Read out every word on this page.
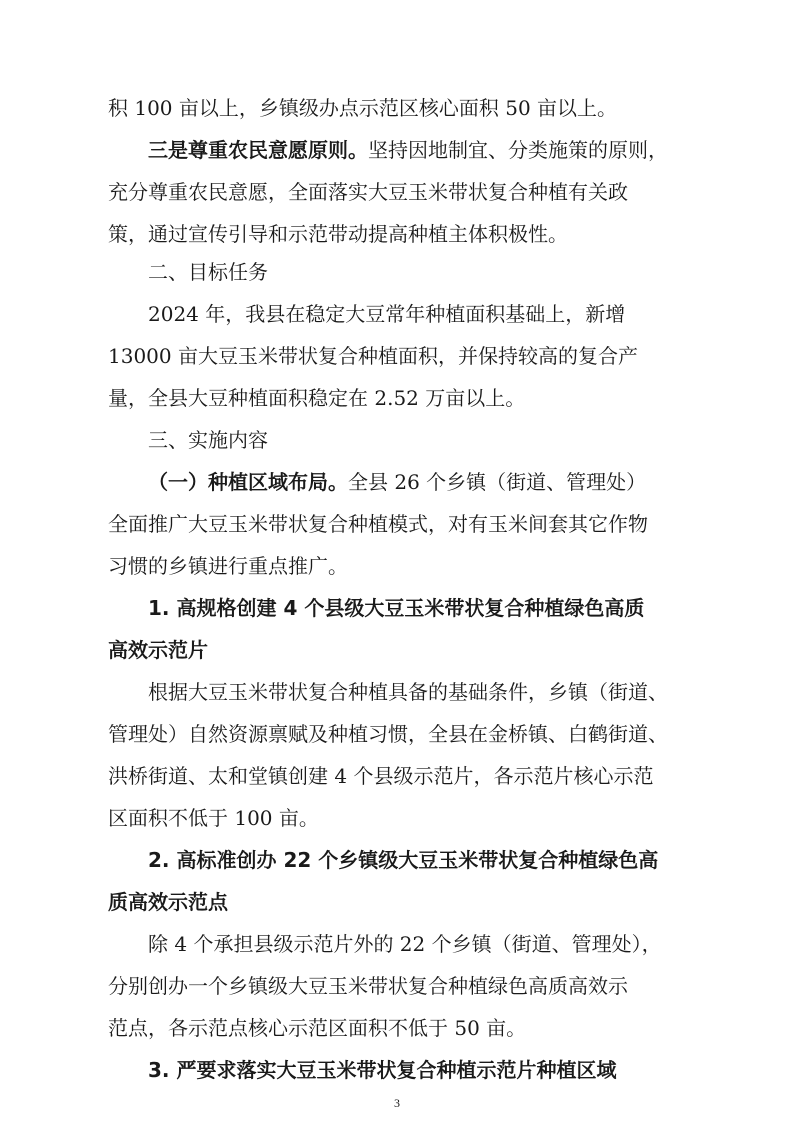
积 100 亩以上，乡镇级办点示范区核心面积 50 亩以上。
三是尊重农民意愿原则。坚持因地制宜、分类施策的原则，
充分尊重农民意愿，全面落实大豆玉米带状复合种植有关政
策，通过宣传引导和示范带动提高种植主体积极性。
二、目标任务
2024 年，我县在稳定大豆常年种植面积基础上，新增
13000 亩大豆玉米带状复合种植面积，并保持较高的复合产
量，全县大豆种植面积稳定在 2.52 万亩以上。
三、实施内容
（一）种植区域布局。全县 26 个乡镇（街道、管理处）
全面推广大豆玉米带状复合种植模式，对有玉米间套其它作物
习惯的乡镇进行重点推广。
1. 高规格创建 4 个县级大豆玉米带状复合种植绿色高质
高效示范片
根据大豆玉米带状复合种植具备的基础条件，乡镇（街道、
管理处）自然资源禀赋及种植习惯，全县在金桥镇、白鹤街道、
洪桥街道、太和堂镇创建 4 个县级示范片，各示范片核心示范
区面积不低于 100 亩。
2. 高标准创办 22 个乡镇级大豆玉米带状复合种植绿色高
质高效示范点
除 4 个承担县级示范片外的 22 个乡镇（街道、管理处），
分别创办一个乡镇级大豆玉米带状复合种植绿色高质高效示
范点，各示范点核心示范区面积不低于 50 亩。
3. 严要求落实大豆玉米带状复合种植示范片种植区域
3
